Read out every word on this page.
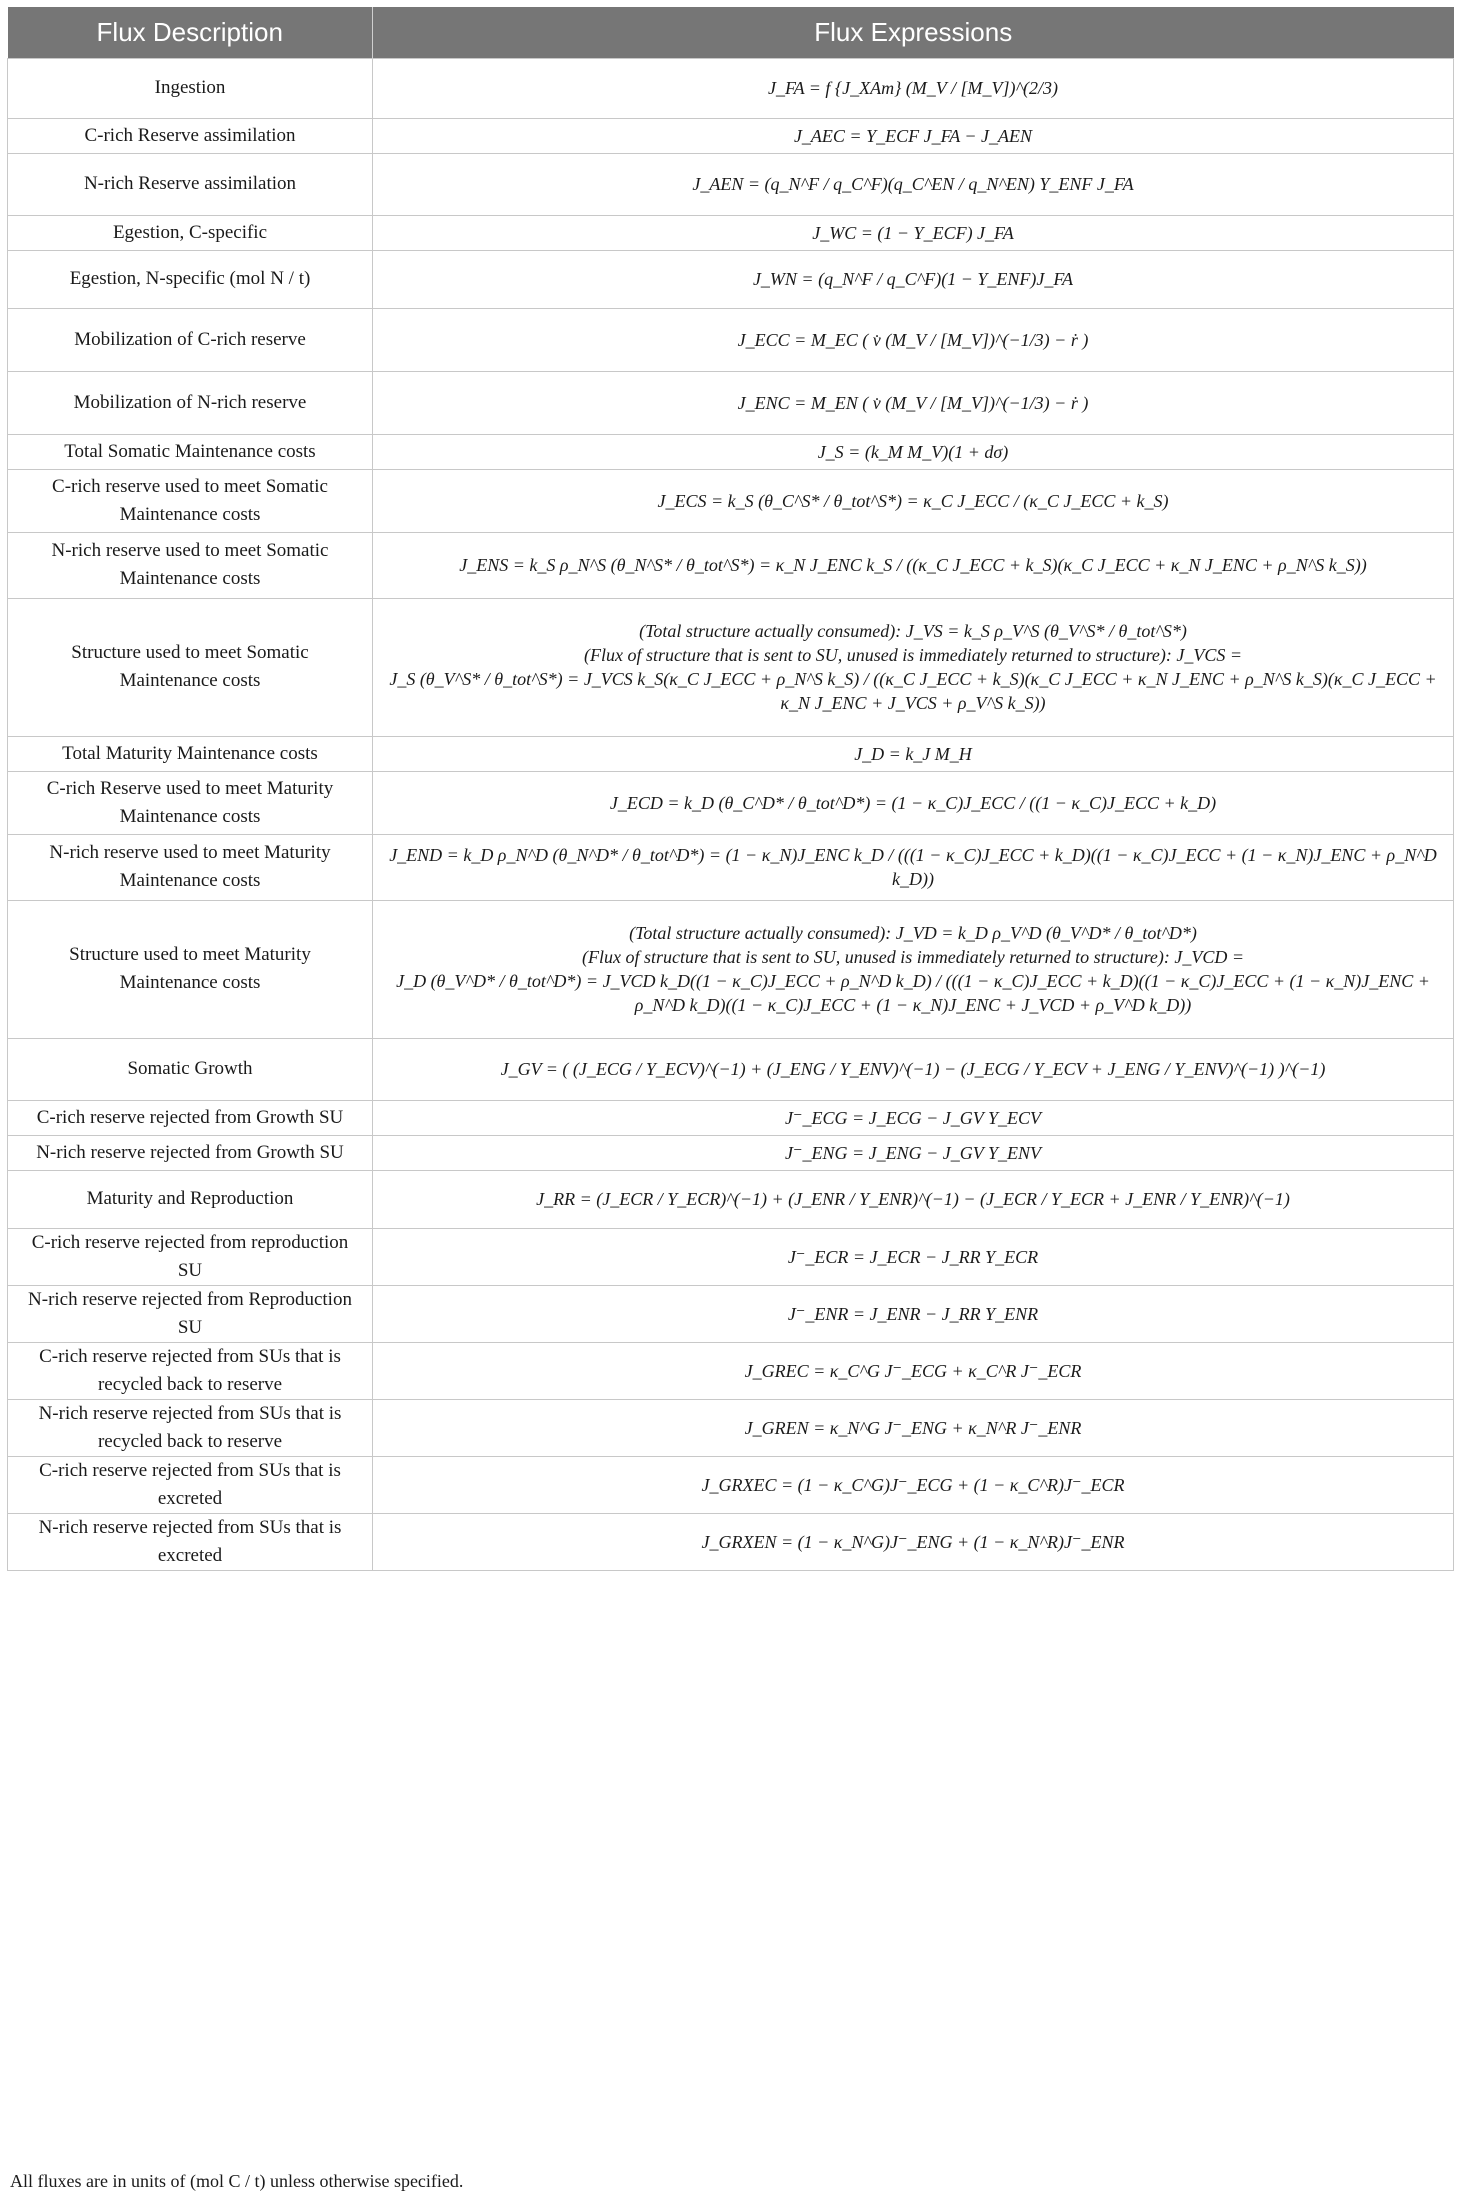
Flux Description	Flux Expressions
Ingestion	J_FA = f {J_XAm} (M_V / [M_V])^(2/3)

C-rich Reserve assimilation	J_AEC = Y_ECF J_FA − J_AEN

N-rich Reserve assimilation	J_AEN = (q_N^F / q_C^F)(q_C^EN / q_N^EN) Y_ENF J_FA

Egestion, C-specific	J_WC = (1 − Y_ECF) J_FA

Egestion, N-specific (mol N / t)	J_WN = (q_N^F / q_C^F)(1 − Y_ENF)J_FA

Mobilization of C-rich reserve	J_ECC = M_EC ( v̇ (M_V / [M_V])^(−1/3) − ṙ )

Mobilization of N-rich reserve	J_ENC = M_EN ( v̇ (M_V / [M_V])^(−1/3) − ṙ )

Total Somatic Maintenance costs	J_S = (k_M M_V)(1 + dσ)

C-rich reserve used to meet Somatic Maintenance costs	J_ECS = k_S (θ_C^S* / θ_tot^S*) = κ_C J_ECC / (κ_C J_ECC + k_S)

N-rich reserve used to meet Somatic Maintenance costs	J_ENS = k_S ρ_N^S (θ_N^S* / θ_tot^S*) = κ_N J_ENC k_S / ((κ_C J_ECC + k_S)(κ_C J_ECC + κ_N J_ENC + ρ_N^S k_S))

Structure used to meet Somatic Maintenance costs	(Total structure actually consumed): J_VS = k_S ρ_V^S (θ_V^S* / θ_tot^S*)
(Flux of structure that is sent to SU, unused is immediately returned to structure): J_VCS =
J_S (θ_V^S* / θ_tot^S*) = J_VCS k_S(κ_C J_ECC + ρ_N^S k_S) / ((κ_C J_ECC + k_S)(κ_C J_ECC + κ_N J_ENC + ρ_N^S k_S)(κ_C J_ECC + κ_N J_ENC + J_VCS + ρ_V^S k_S))

Total Maturity Maintenance costs	J_D = k_J M_H

C-rich Reserve used to meet Maturity Maintenance costs	J_ECD = k_D (θ_C^D* / θ_tot^D*) = (1 − κ_C)J_ECC / ((1 − κ_C)J_ECC + k_D)

N-rich reserve used to meet Maturity Maintenance costs	J_END = k_D ρ_N^D (θ_N^D* / θ_tot^D*) = (1 − κ_N)J_ENC k_D / (((1 − κ_C)J_ECC + k_D)((1 − κ_C)J_ECC + (1 − κ_N)J_ENC + ρ_N^D k_D))

Structure used to meet Maturity Maintenance costs	(Total structure actually consumed): J_VD = k_D ρ_V^D (θ_V^D* / θ_tot^D*)
(Flux of structure that is sent to SU, unused is immediately returned to structure): J_VCD =
J_D (θ_V^D* / θ_tot^D*) = J_VCD k_D((1 − κ_C)J_ECC + ρ_N^D k_D) / (((1 − κ_C)J_ECC + k_D)((1 − κ_C)J_ECC + (1 − κ_N)J_ENC + ρ_N^D k_D)((1 − κ_C)J_ECC + (1 − κ_N)J_ENC + J_VCD + ρ_V^D k_D))

Somatic Growth	J_GV = ( (J_ECG / Y_ECV)^(−1) + (J_ENG / Y_ENV)^(−1) − (J_ECG / Y_ECV + J_ENG / Y_ENV)^(−1) )^(−1)

C-rich reserve rejected from Growth SU	J⁻_ECG = J_ECG − J_GV Y_ECV

N-rich reserve rejected from Growth SU	J⁻_ENG = J_ENG − J_GV Y_ENV

Maturity and Reproduction	J_RR = (J_ECR / Y_ECR)^(−1) + (J_ENR / Y_ENR)^(−1) − (J_ECR / Y_ECR + J_ENR / Y_ENR)^(−1)

C-rich reserve rejected from reproduction SU	J⁻_ECR = J_ECR − J_RR Y_ECR

N-rich reserve rejected from Reproduction SU	J⁻_ENR = J_ENR − J_RR Y_ENR

C-rich reserve rejected from SUs that is recycled back to reserve	J_GREC = κ_C^G J⁻_ECG + κ_C^R J⁻_ECR

N-rich reserve rejected from SUs that is recycled back to reserve	J_GREN = κ_N^G J⁻_ENG + κ_N^R J⁻_ENR

C-rich reserve rejected from SUs that is excreted	J_GRXEC = (1 − κ_C^G)J⁻_ECG + (1 − κ_C^R)J⁻_ECR

N-rich reserve rejected from SUs that is excreted	J_GRXEN = (1 − κ_N^G)J⁻_ENG + (1 − κ_N^R)J⁻_ENR
All fluxes are in units of (mol C / t) unless otherwise specified.
